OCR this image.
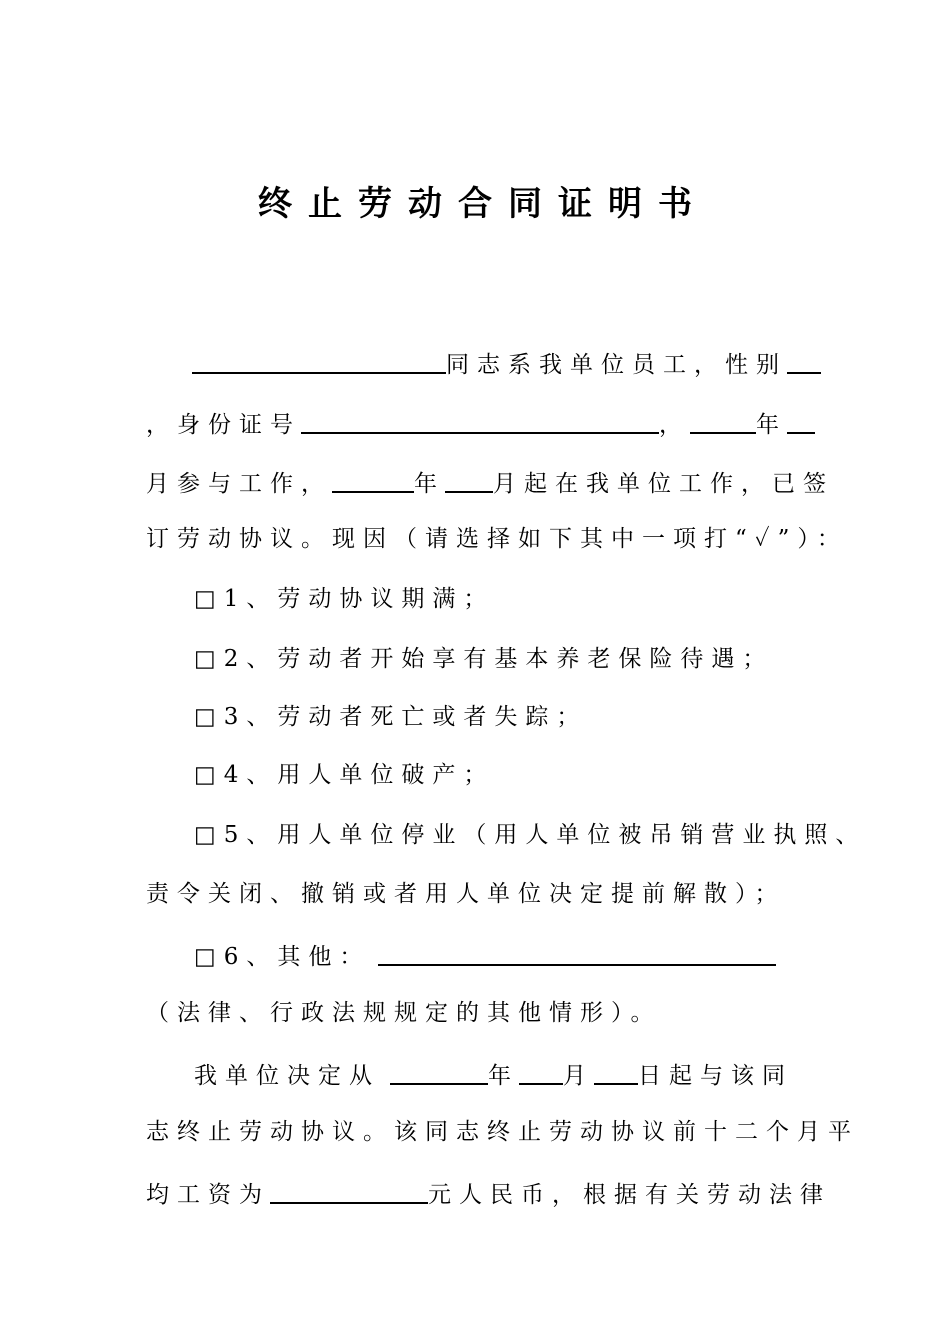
终止劳动合同证明书
同志系我单位员工，性别
，身份证号	，	年
月参与工作，	年 月起在我单位工作，已签
订劳动协议。现因（请选择如下其中一项打“✓”）：
□1、劳动协议期满；
□2、劳动者开始享有基本养老保险待遇；
□3、劳动者死亡或者失踪；
□4、用人单位破产；
□5、用人单位停业（用人单位被吊销营业执照、
责令关闭、撤销或者用人单位决定提前解散）；
□6、其他：
（法律、行政法规规定的其他情形）。
我单位决定从	年 月 日起与该同
志终止劳动协议。该同志终止劳动协议前十二个月平
均工资为	元人民币，根据有关劳动法律
